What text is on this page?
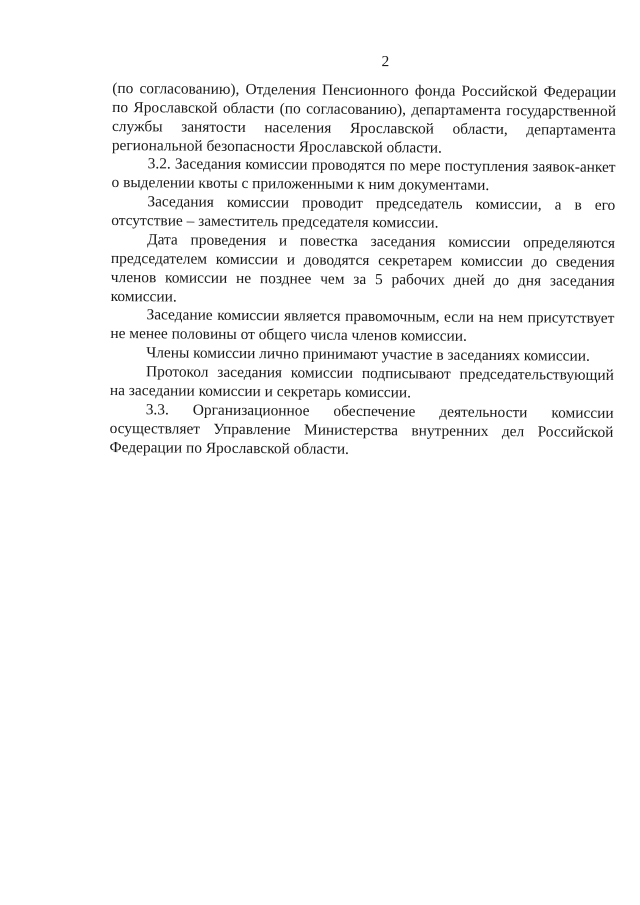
2
(по согласованию), Отделения Пенсионного фонда Российской Федерации
по Ярославской области (по согласованию), департамента государственной
службы занятости населения Ярославской области, департамента
региональной безопасности Ярославской области.
3.2. Заседания комиссии проводятся по мере поступления заявок-анкет
о выделении квоты с приложенными к ним документами.
Заседания комиссии проводит председатель комиссии, а в его
отсутствие – заместитель председателя комиссии.
Дата проведения и повестка заседания комиссии определяются
председателем комиссии и доводятся секретарем комиссии до сведения
членов комиссии не позднее чем за 5 рабочих дней до дня заседания
комиссии.
Заседание комиссии является правомочным, если на нем присутствует
не менее половины от общего числа членов комиссии.
Члены комиссии лично принимают участие в заседаниях комиссии.
Протокол заседания комиссии подписывают председательствующий
на заседании комиссии и секретарь комиссии.
3.3. Организационное обеспечение деятельности комиссии
осуществляет Управление Министерства внутренних дел Российской
Федерации по Ярославской области.
